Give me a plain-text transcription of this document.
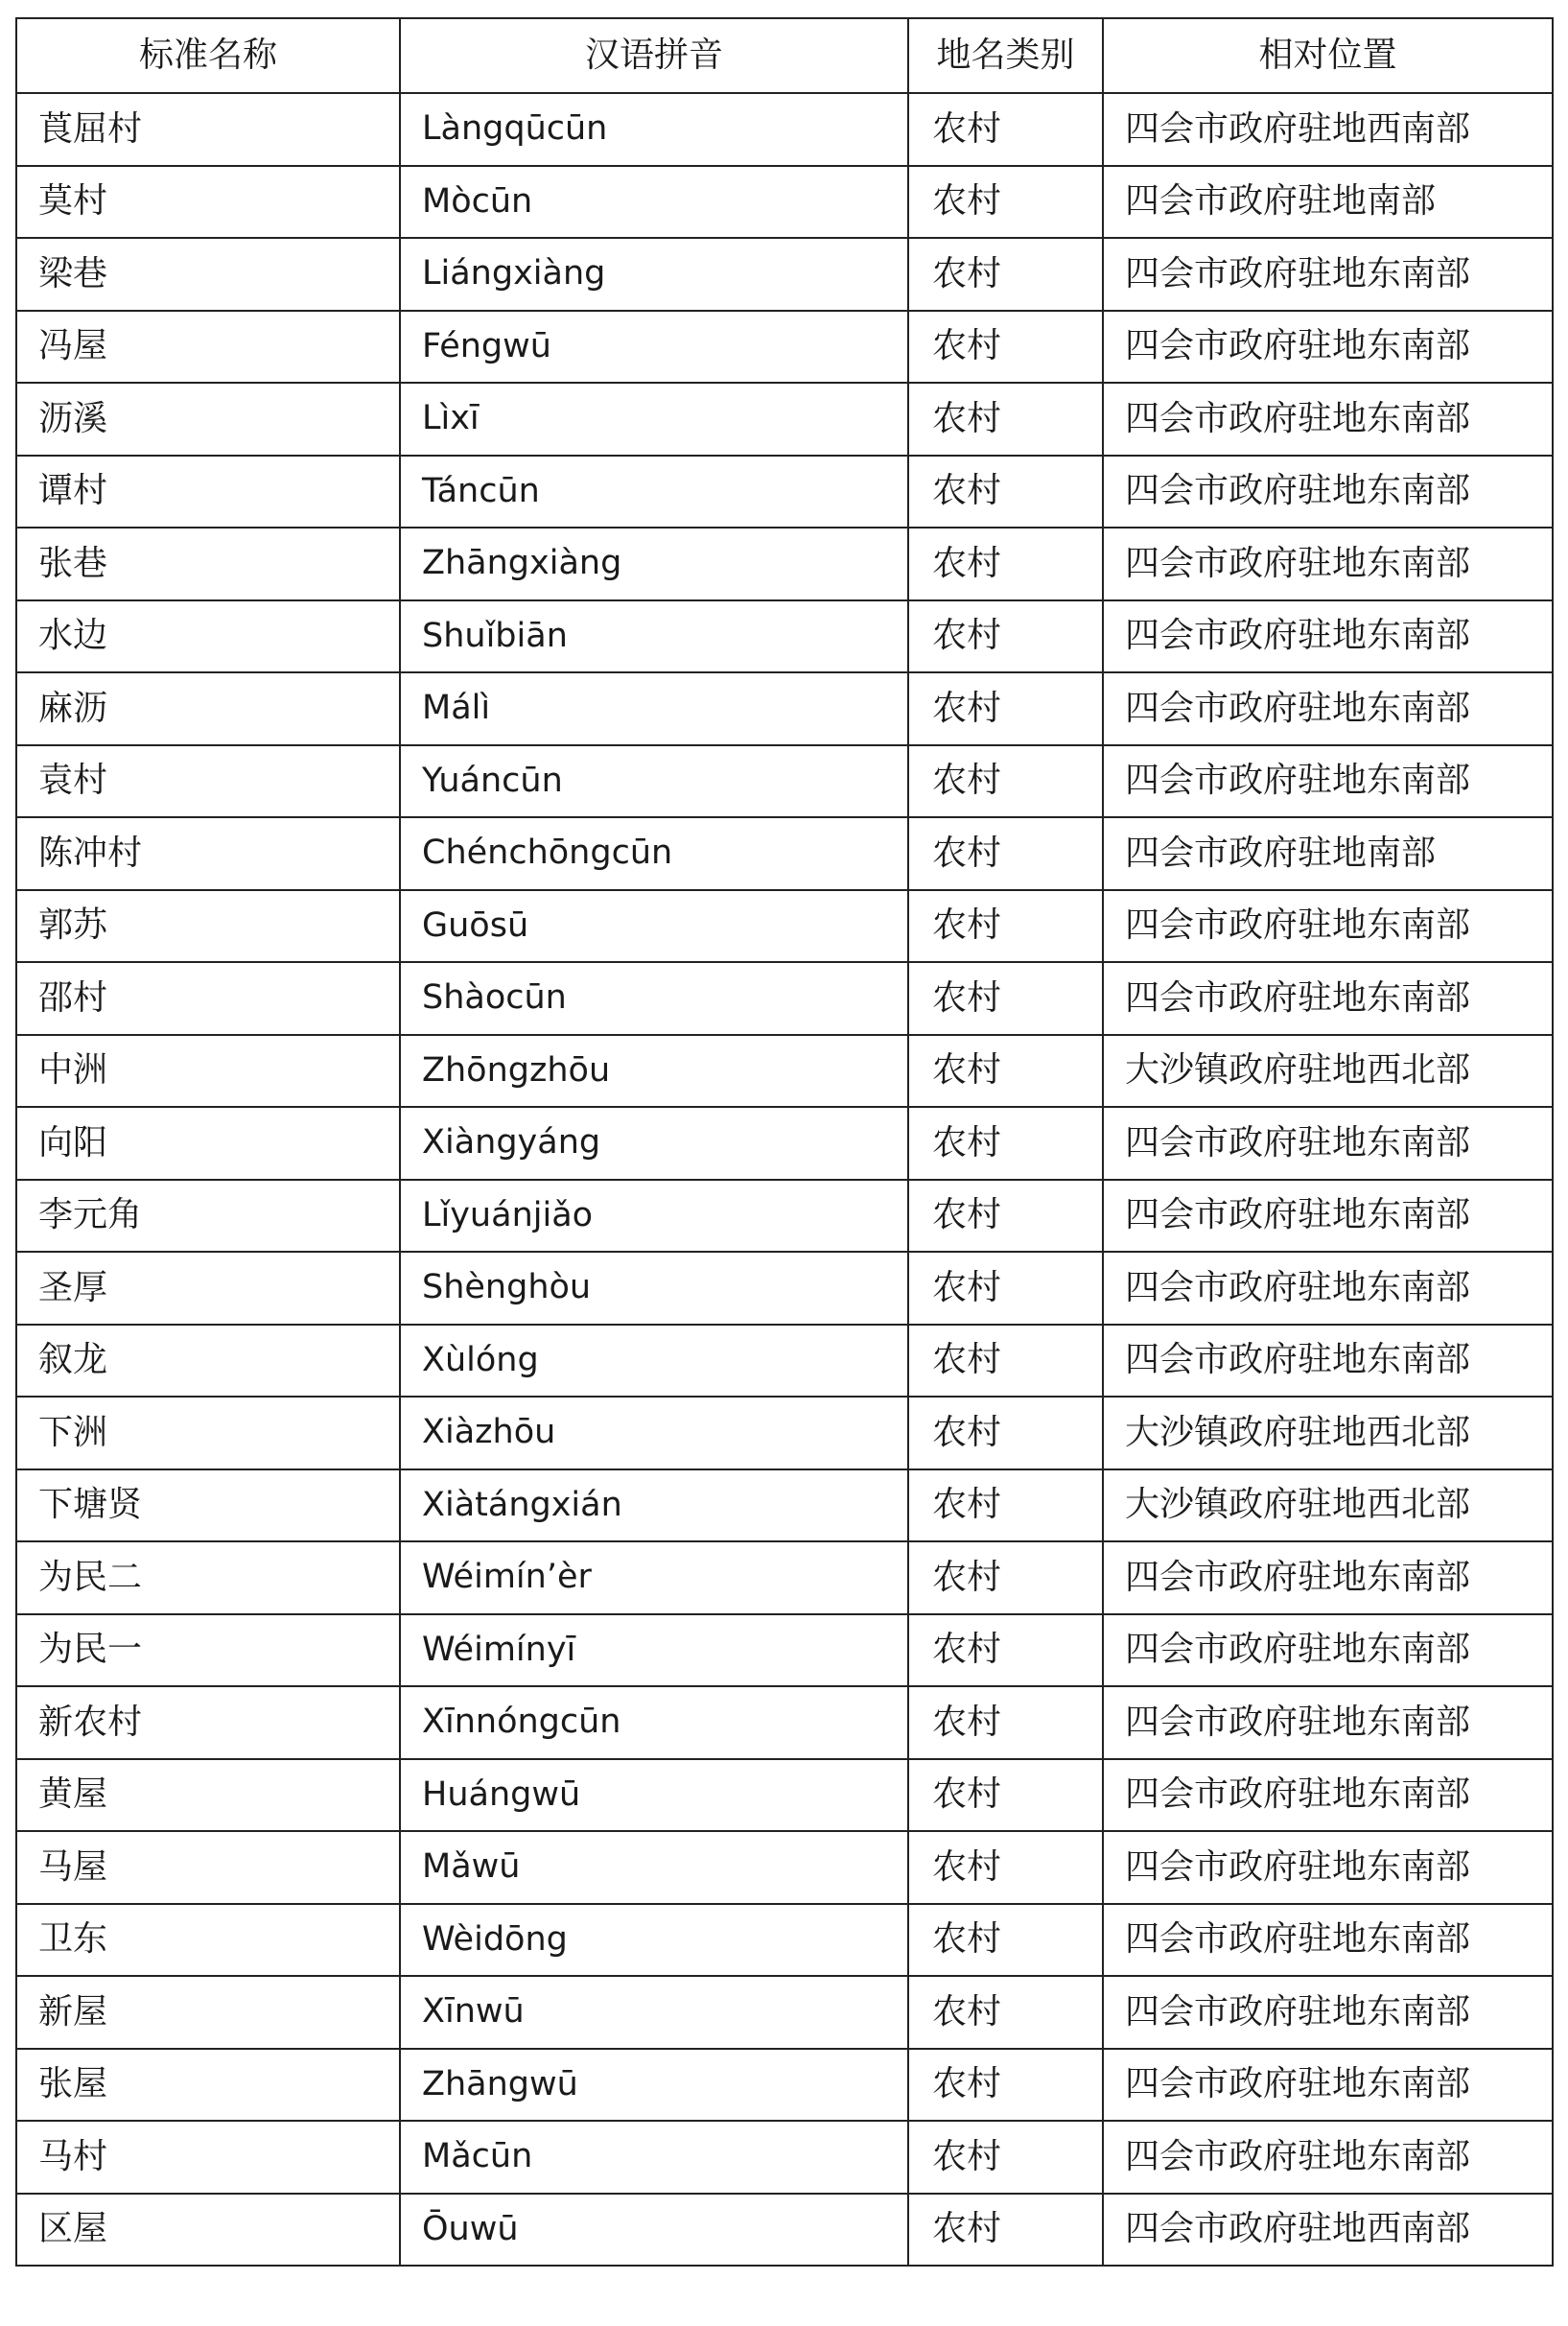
标准名称	汉语拼音	地名类别	相对位置
莨屈村	Làngqūcūn	农村	四会市政府驻地西南部
莫村	Mòcūn	农村	四会市政府驻地南部
梁巷	Liángxiàng	农村	四会市政府驻地东南部
冯屋	Féngwū	农村	四会市政府驻地东南部
沥溪	Lìxī	农村	四会市政府驻地东南部
谭村	Táncūn	农村	四会市政府驻地东南部
张巷	Zhāngxiàng	农村	四会市政府驻地东南部
水边	Shuǐbiān	农村	四会市政府驻地东南部
麻沥	Málì	农村	四会市政府驻地东南部
袁村	Yuáncūn	农村	四会市政府驻地东南部
陈冲村	Chénchōngcūn	农村	四会市政府驻地南部
郭苏	Guōsū	农村	四会市政府驻地东南部
邵村	Shàocūn	农村	四会市政府驻地东南部
中洲	Zhōngzhōu	农村	大沙镇政府驻地西北部
向阳	Xiàngyáng	农村	四会市政府驻地东南部
李元角	Lǐyuánjiǎo	农村	四会市政府驻地东南部
圣厚	Shènghòu	农村	四会市政府驻地东南部
叙龙	Xùlóng	农村	四会市政府驻地东南部
下洲	Xiàzhōu	农村	大沙镇政府驻地西北部
下塘贤	Xiàtángxián	农村	大沙镇政府驻地西北部
为民二	Wéimín’èr	农村	四会市政府驻地东南部
为民一	Wéimínyī	农村	四会市政府驻地东南部
新农村	Xīnnóngcūn	农村	四会市政府驻地东南部
黄屋	Huángwū	农村	四会市政府驻地东南部
马屋	Mǎwū	农村	四会市政府驻地东南部
卫东	Wèidōng	农村	四会市政府驻地东南部
新屋	Xīnwū	农村	四会市政府驻地东南部
张屋	Zhāngwū	农村	四会市政府驻地东南部
马村	Mǎcūn	农村	四会市政府驻地东南部
区屋	Ōuwū	农村	四会市政府驻地西南部
